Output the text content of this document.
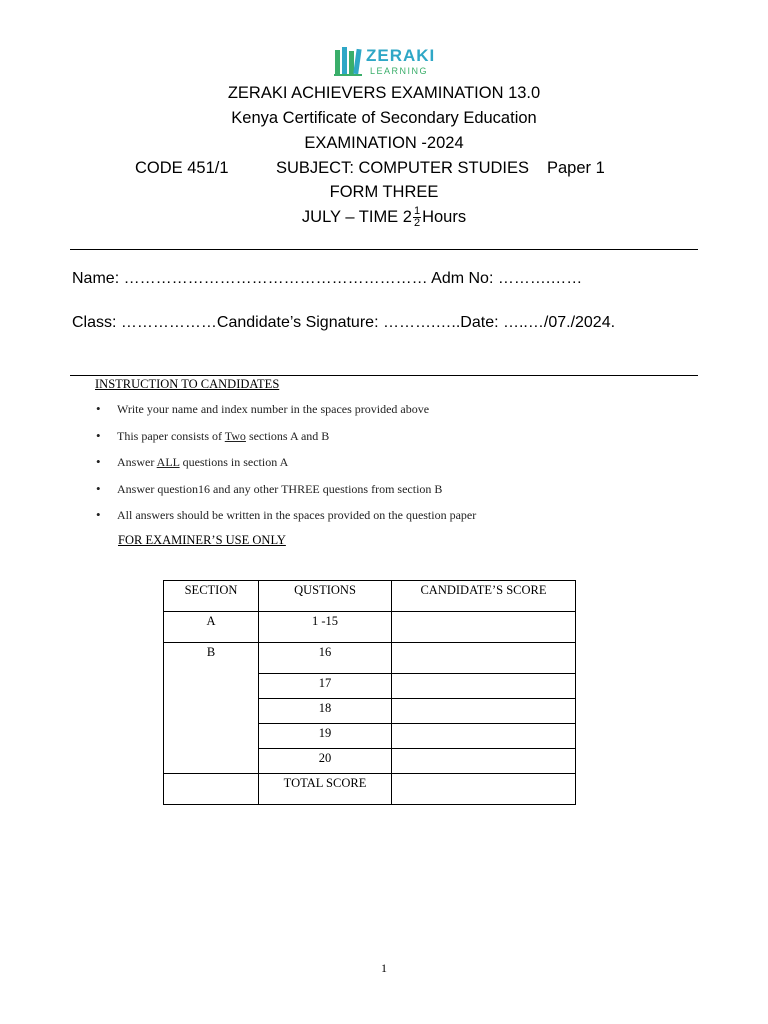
ZERAKI
LEARNING
ZERAKI ACHIEVERS EXAMINATION 13.0
Kenya Certificate of Secondary Education
EXAMINATION -2024
CODE 451/1	SUBJECT: COMPUTER STUDIES Paper 1
FORM THREE
JULY – TIME $2 \frac{1}{2}$ Hours
Name: ………………………………………………… Adm No: ……….……
Class: ………………Candidate’s Signature: ……….…..Date: …..…/07./2024.
INSTRUCTION TO CANDIDATES
• Write your name and index number in the spaces provided above
• This paper consists of Two sections A and B
• Answer ALL questions in section A
• Answer question16 and any other THREE questions from section B
• All answers should be written in the spaces provided on the question paper
FOR EXAMINER’S USE ONLY
SECTION	QUSTIONS	CANDIDATE’S SCORE
A	1 -15	
B	16	
	17	
	18	
	19	
	20	
	TOTAL SCORE	
1
